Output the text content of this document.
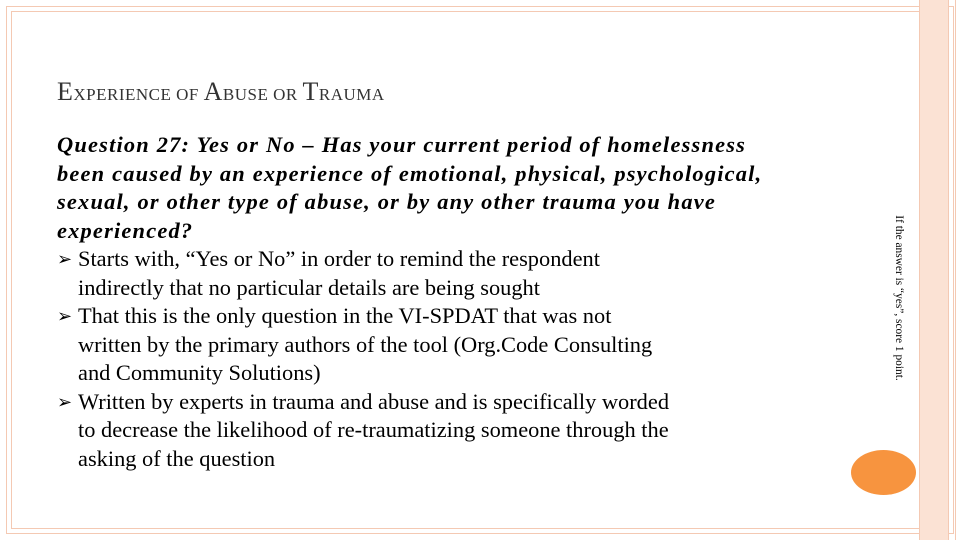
EXPERIENCE OF ABUSE OR TRAUMA
Question 27: Yes or No – Has your current period of homelessness
been caused by an experience of emotional, physical, psychological,
sexual, or other type of abuse, or by any other trauma you have
experienced?
➢ Starts with, “Yes or No” in order to remind the respondent
indirectly that no particular details are being sought
➢ That this is the only question in the VI-SPDAT that was not
written by the primary authors of the tool (Org.Code Consulting
and Community Solutions)
➢ Written by experts in trauma and abuse and is specifically worded
to decrease the likelihood of re-traumatizing someone through the
asking of the question
If the answer is “yes”, score 1 point.
